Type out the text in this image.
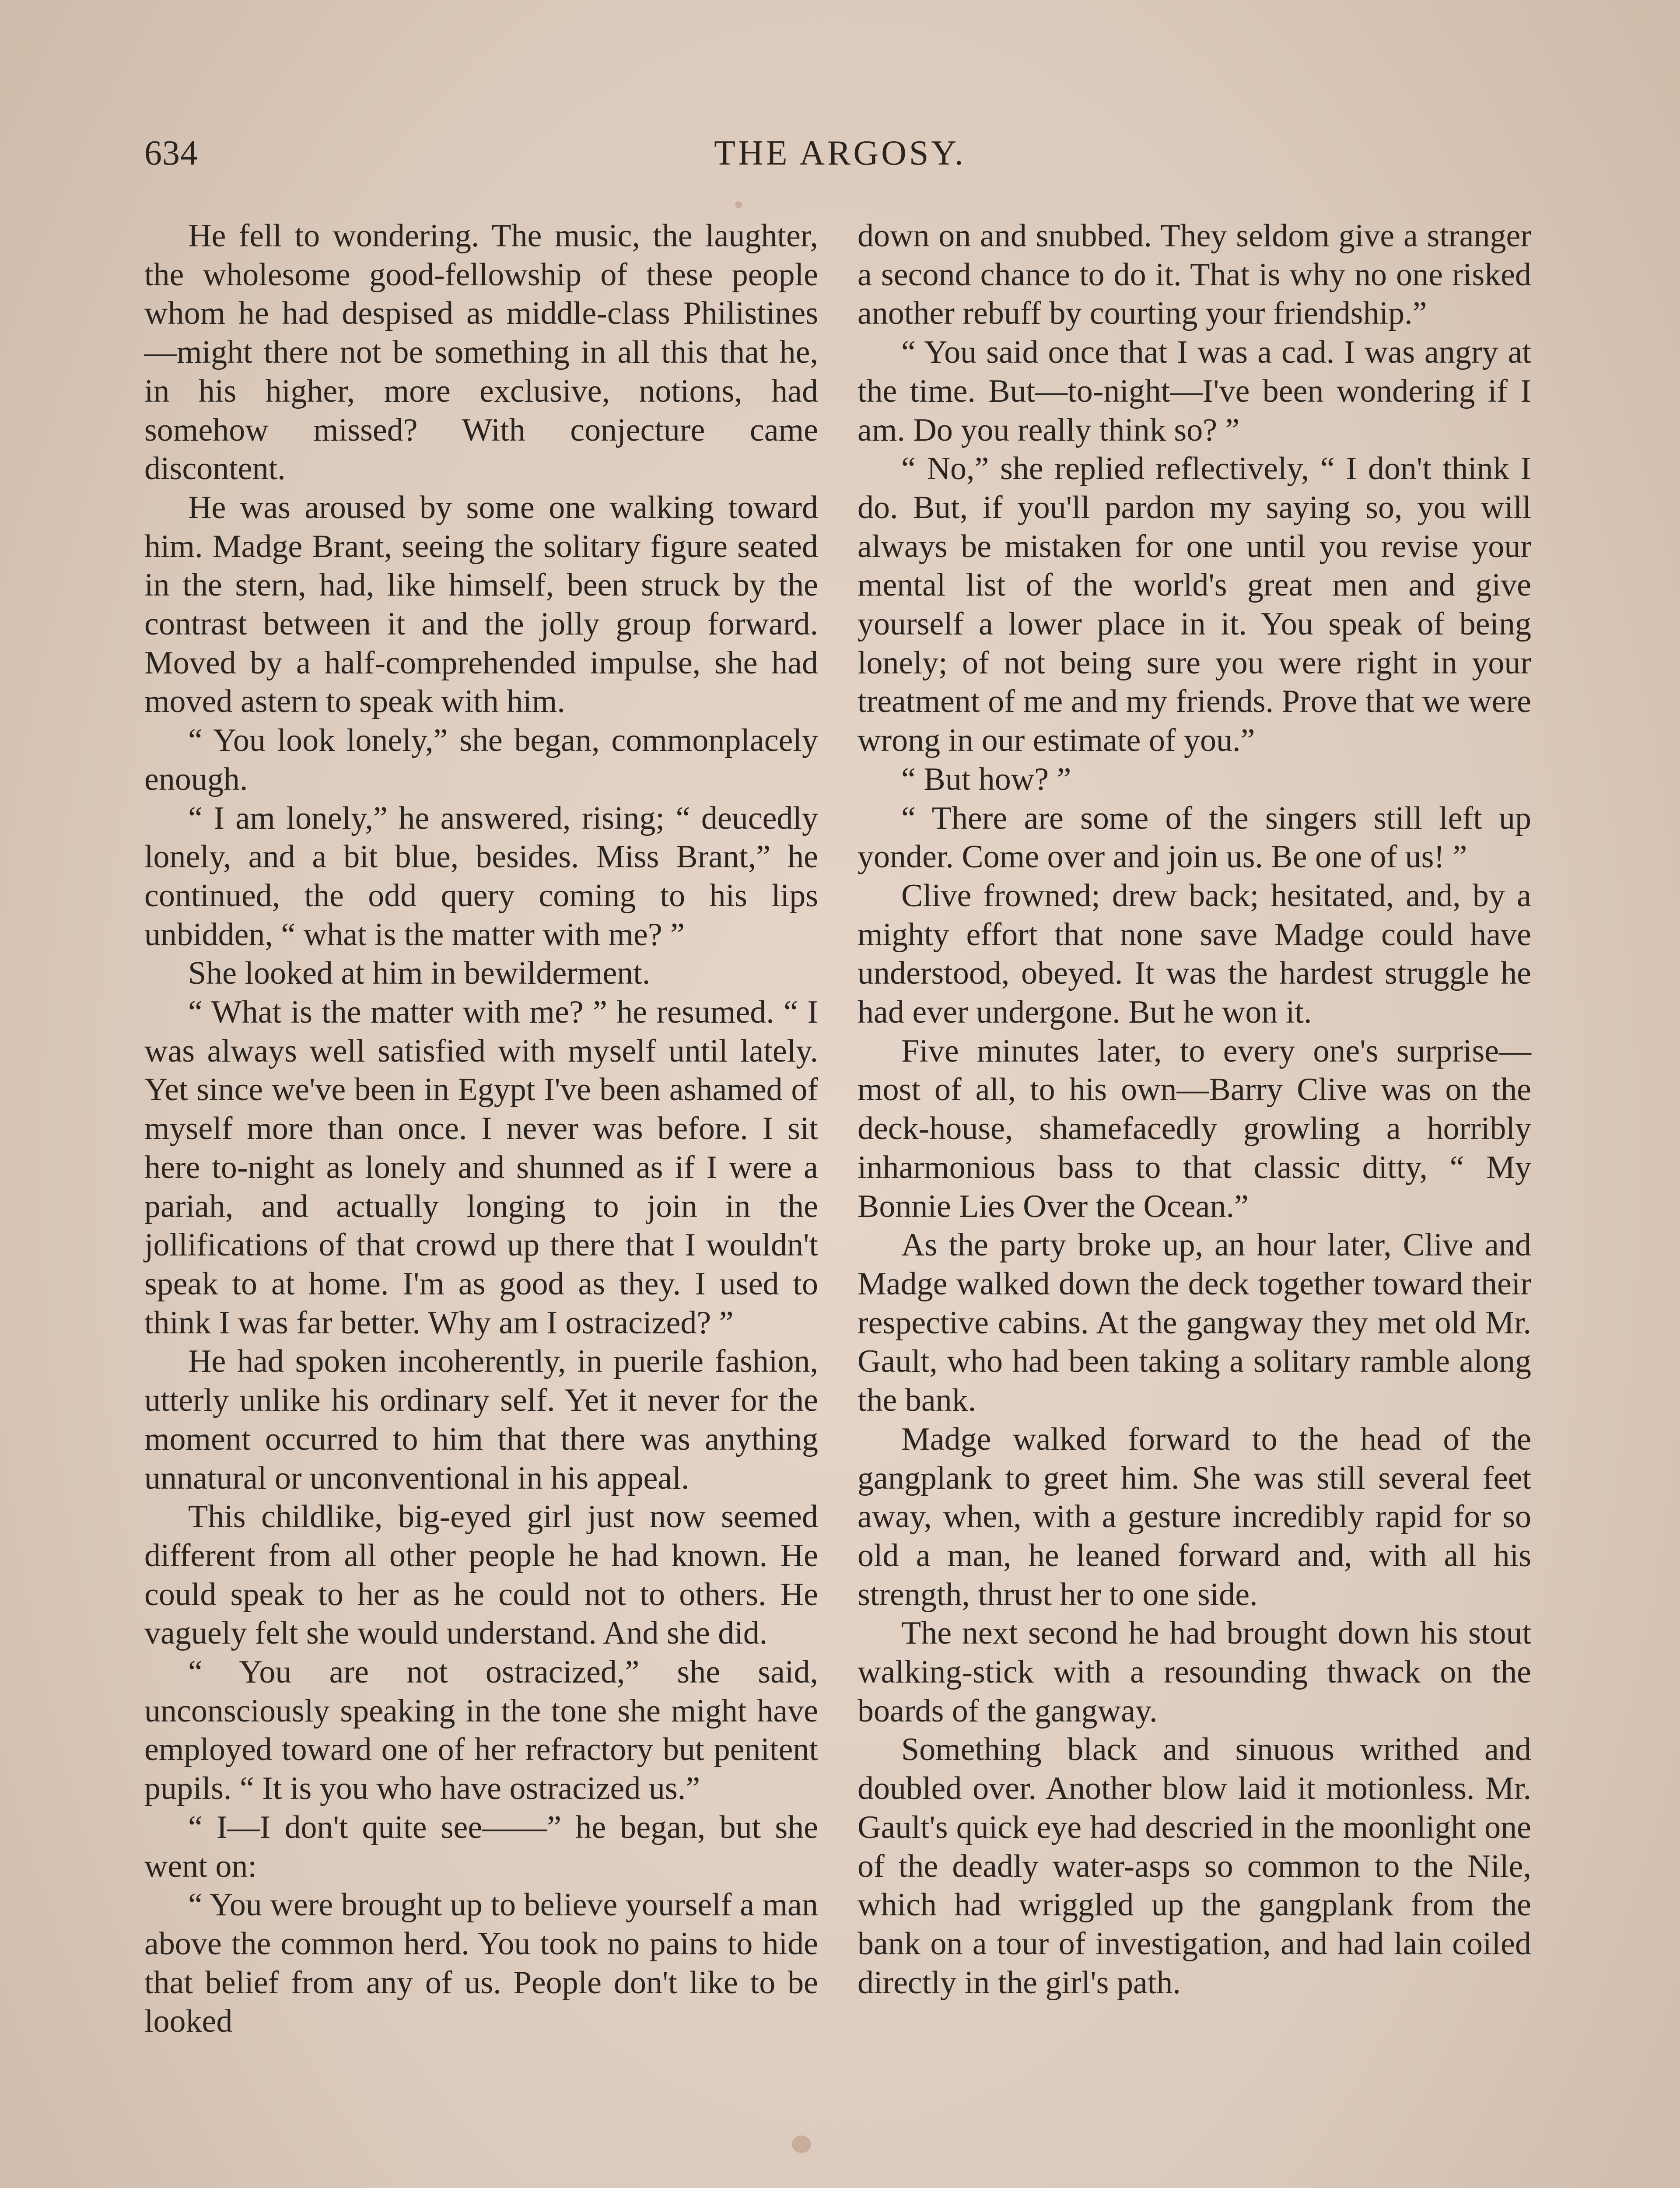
634	THE ARGOSY.

He fell to wondering. The music, the laughter, the wholesome good-fellowship of these people whom he had despised as middle-class Philistines—might there not be something in all this that he, in his higher, more exclusive, notions, had somehow missed? With conjecture came discontent.

He was aroused by some one walking toward him. Madge Brant, seeing the solitary figure seated in the stern, had, like himself, been struck by the contrast between it and the jolly group forward. Moved by a half-comprehended impulse, she had moved astern to speak with him.

“ You look lonely,” she began, commonplacely enough.

“ I am lonely,” he answered, rising; “ deucedly lonely, and a bit blue, besides. Miss Brant,” he continued, the odd query coming to his lips unbidden, “ what is the matter with me? ”

She looked at him in bewilderment.

“ What is the matter with me? ” he resumed. “ I was always well satisfied with myself until lately. Yet since we've been in Egypt I've been ashamed of myself more than once. I never was before. I sit here to-night as lonely and shunned as if I were a pariah, and actually longing to join in the jollifications of that crowd up there that I wouldn't speak to at home. I'm as good as they. I used to think I was far better. Why am I ostracized? ”

He had spoken incoherently, in puerile fashion, utterly unlike his ordinary self. Yet it never for the moment occurred to him that there was anything unnatural or unconventional in his appeal.

This childlike, big-eyed girl just now seemed different from all other people he had known. He could speak to her as he could not to others. He vaguely felt she would understand. And she did.

“ You are not ostracized,” she said, unconsciously speaking in the tone she might have employed toward one of her refractory but penitent pupils. “ It is you who have ostracized us.”

“ I—I don't quite see——” he began, but she went on:

“ You were brought up to believe yourself a man above the common herd. You took no pains to hide that belief from any of us. People don't like to be looked

down on and snubbed. They seldom give a stranger a second chance to do it. That is why no one risked another rebuff by courting your friendship.”

“ You said once that I was a cad. I was angry at the time. But—to-night—I've been wondering if I am. Do you really think so? ”

“ No,” she replied reflectively, “ I don't think I do. But, if you'll pardon my saying so, you will always be mistaken for one until you revise your mental list of the world's great men and give yourself a lower place in it. You speak of being lonely; of not being sure you were right in your treatment of me and my friends. Prove that we were wrong in our estimate of you.”

“ But how? ”

“ There are some of the singers still left up yonder. Come over and join us. Be one of us! ”

Clive frowned; drew back; hesitated, and, by a mighty effort that none save Madge could have understood, obeyed. It was the hardest struggle he had ever undergone. But he won it.

Five minutes later, to every one's surprise—most of all, to his own—Barry Clive was on the deck-house, shamefacedly growling a horribly inharmonious bass to that classic ditty, “ My Bonnie Lies Over the Ocean.”

As the party broke up, an hour later, Clive and Madge walked down the deck together toward their respective cabins. At the gangway they met old Mr. Gault, who had been taking a solitary ramble along the bank.

Madge walked forward to the head of the gangplank to greet him. She was still several feet away, when, with a gesture incredibly rapid for so old a man, he leaned forward and, with all his strength, thrust her to one side.

The next second he had brought down his stout walking-stick with a resounding thwack on the boards of the gangway.

Something black and sinuous writhed and doubled over. Another blow laid it motionless. Mr. Gault's quick eye had descried in the moonlight one of the deadly water-asps so common to the Nile, which had wriggled up the gangplank from the bank on a tour of investigation, and had lain coiled directly in the girl's path.
